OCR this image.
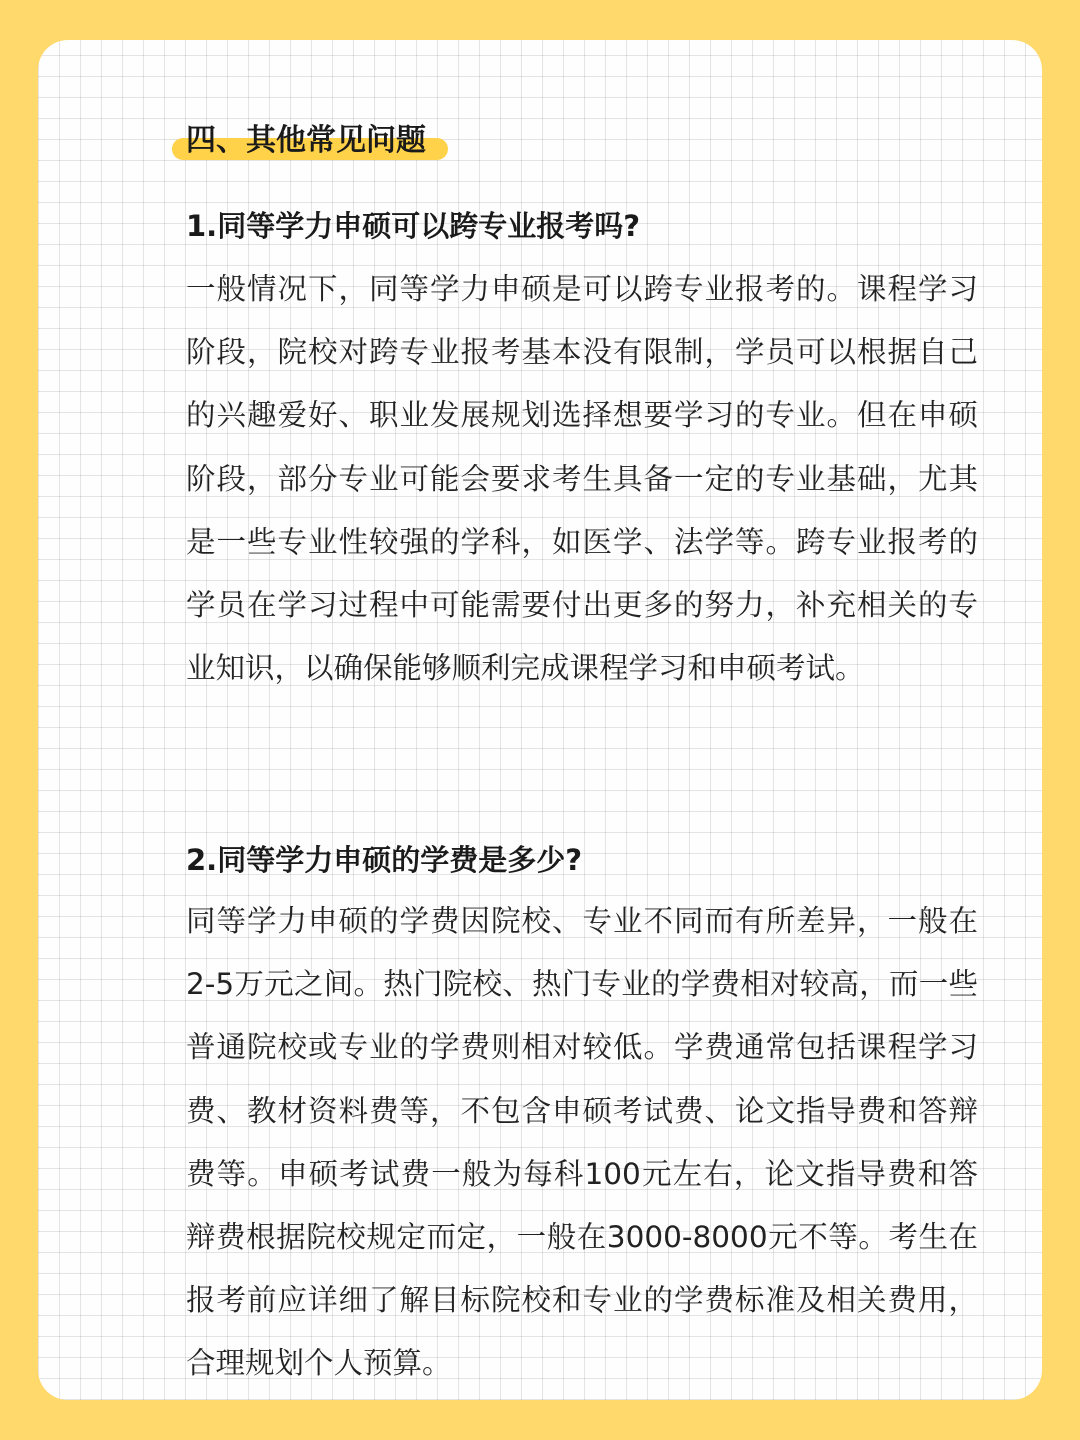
四、其他常见问题
1.同等学力申硕可以跨专业报考吗?

一般情况下，同等学力申硕是可以跨专业报考的。课程学习阶段，院校对跨专业报考基本没有限制，学员可以根据自己的兴趣爱好、职业发展规划选择想要学习的专业。但在申硕阶段，部分专业可能会要求考生具备一定的专业基础，尤其是一些专业性较强的学科，如医学、法学等。跨专业报考的学员在学习过程中可能需要付出更多的努力，补充相关的专业知识，以确保能够顺利完成课程学习和申硕考试。

2.同等学力申硕的学费是多少?

同等学力申硕的学费因院校、专业不同而有所差异，一般在2-5万元之间。热门院校、热门专业的学费相对较高，而一些普通院校或专业的学费则相对较低。学费通常包括课程学习费、教材资料费等，不包含申硕考试费、论文指导费和答辩费等。申硕考试费一般为每科100元左右，论文指导费和答辩费根据院校规定而定，一般在3000-8000元不等。考生在报考前应详细了解目标院校和专业的学费标准及相关费用，合理规划个人预算。
